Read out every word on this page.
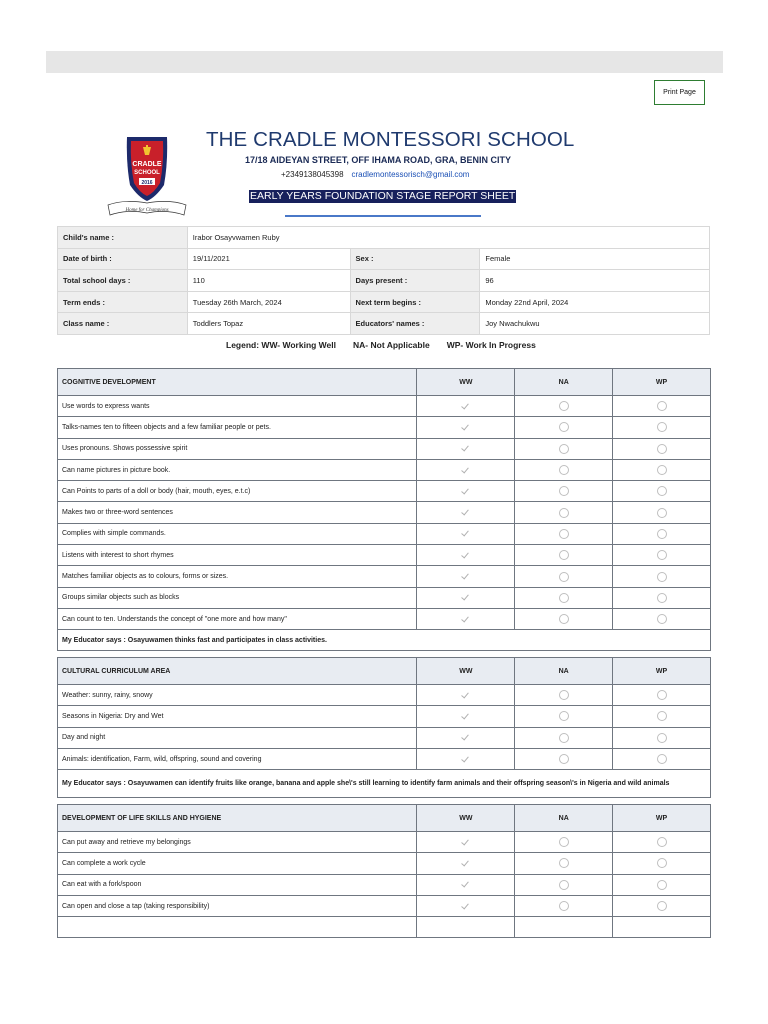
Print Page
CRADLE
SCHOOL
2016
Home for Champions
THE CRADLE MONTESSORI SCHOOL
17/18 AIDEYAN STREET, OFF IHAMA ROAD, GRA, BENIN CITY
+2349138045398 cradlemontessorisch@gmail.com
EARLY YEARS FOUNDATION STAGE REPORT SHEET
Child's name :	Irabor Osayvwamen Ruby		
Date of birth :	19/11/2021	Sex :	Female
Total school days :	110	Days present :	96
Term ends :	Tuesday 26th March, 2024	Next term begins :	Monday 22nd April, 2024
Class name :	Toddlers Topaz	Educators' names :	Joy Nwachukwu
Legend: WW- Working Well NA- Not Applicable WP- Work In Progress
COGNITIVE DEVELOPMENT	WW	NA	WP
Use words to express wants			
Talks-names ten to fifteen objects and a few familiar people or pets.			
Uses pronouns. Shows possessive spirit			
Can name pictures in picture book.			
Can Points to parts of a doll or body (hair, mouth, eyes, e.t.c)			
Makes two or three-word sentences			
Complies with simple commands.			
Listens with interest to short rhymes			
Matches familiar objects as to colours, forms or sizes.			
Groups similar objects such as blocks			
Can count to ten. Understands the concept of "one more and how many"			
My Educator says : Osayuwamen thinks fast and participates in class activities.			
CULTURAL CURRICULUM AREA	WW	NA	WP
Weather: sunny, rainy, snowy			
Seasons in Nigeria: Dry and Wet			
Day and night			
Animals: identification, Farm, wild, offspring, sound and covering			
My Educator says : Osayuwamen can identify fruits like orange, banana and apple she\'s still learning to identify farm animals and their offspring season\'s in Nigeria and wild animals			
DEVELOPMENT OF LIFE SKILLS AND HYGIENE	WW	NA	WP
Can put away and retrieve my belongings			
Can complete a work cycle			
Can eat with a fork/spoon			
Can open and close a tap (taking responsibility)			
